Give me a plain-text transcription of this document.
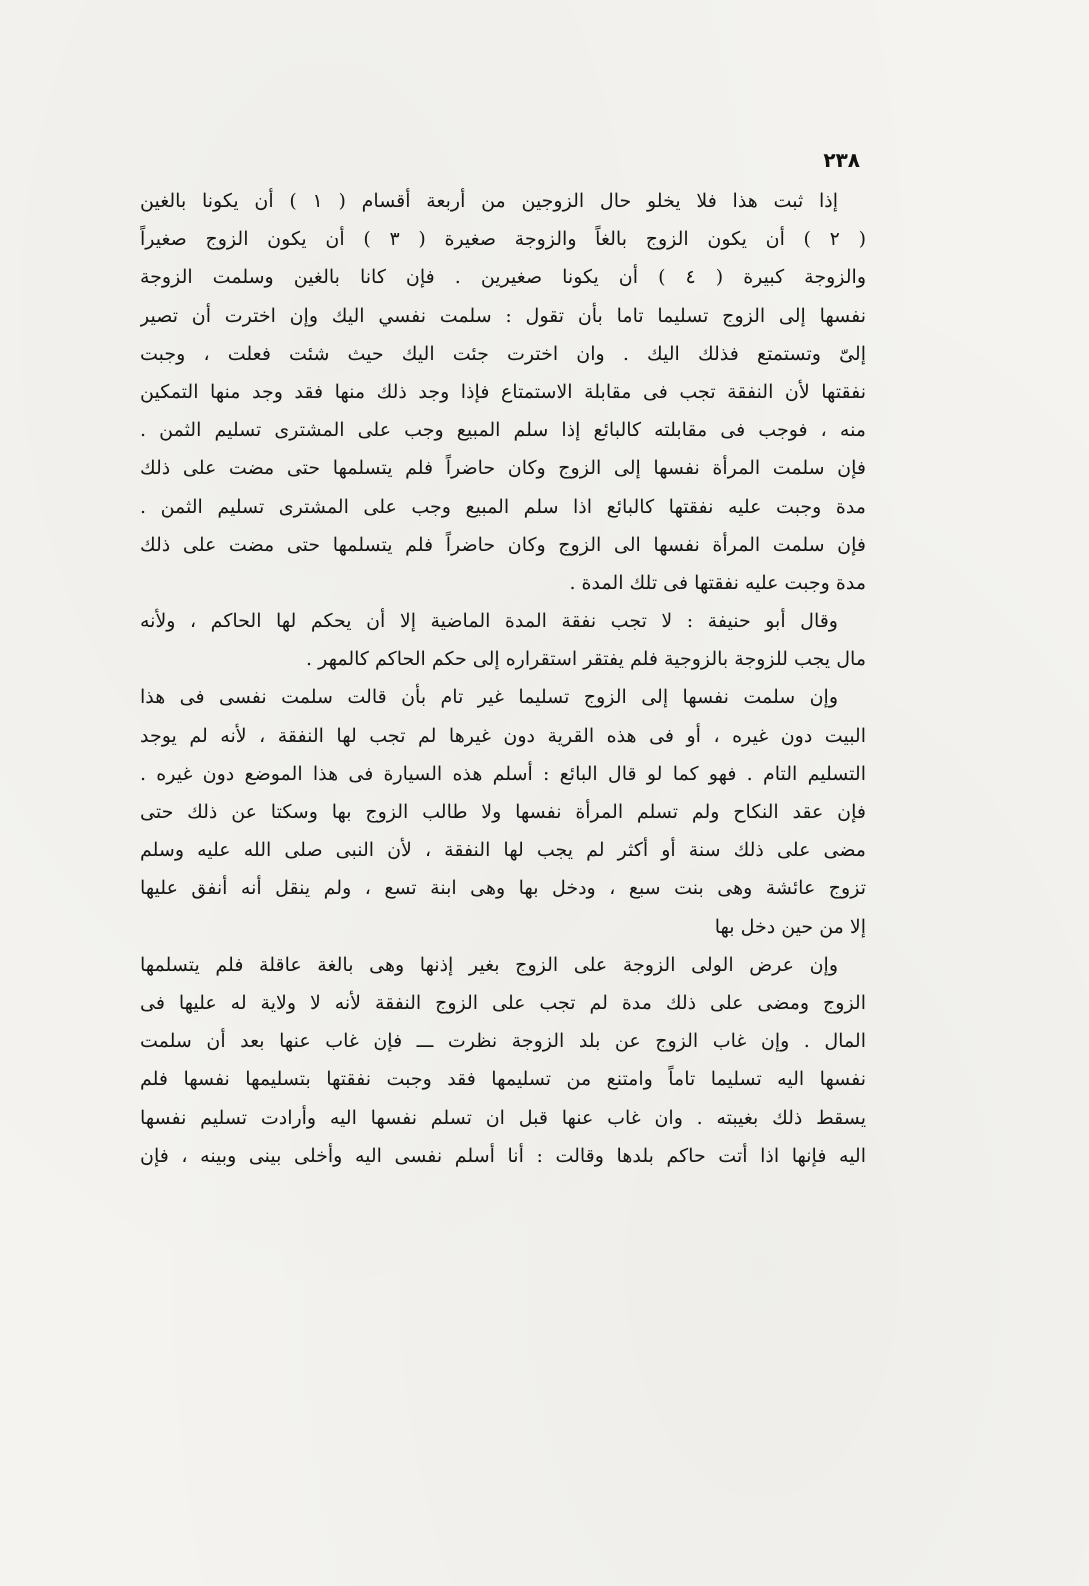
٢٣٨
إذا ثبت هذا فلا يخلو حال الزوجين من أربعة أقسام ( ١ ) أن يكونا بالغين
( ٢ ) أن يكون الزوج بالغاً والزوجة صغيرة ( ٣ ) أن يكون الزوج صغيراً
والزوجة كبيرة ( ٤ ) أن يكونا صغيرين . فإن كانا بالغين وسلمت الزوجة
نفسها إلى الزوج تسليما تاما بأن تقول : سلمت نفسي اليك وإن اخترت أن تصير
إلىّ وتستمتع فذلك اليك . وان اخترت جئت اليك حيث شئت فعلت ، وجبت
نفقتها لأن النفقة تجب فى مقابلة الاستمتاع فإذا وجد ذلك منها فقد وجد منها التمكين
منه ، فوجب فى مقابلته كالبائع إذا سلم المبيع وجب على المشترى تسليم الثمن .
فإن سلمت المرأة نفسها إلى الزوج وكان حاضراً فلم يتسلمها حتى مضت على ذلك
مدة وجبت عليه نفقتها كالبائع اذا سلم المبيع وجب على المشترى تسليم الثمن .
فإن سلمت المرأة نفسها الى الزوج وكان حاضراً فلم يتسلمها حتى مضت على ذلك
مدة وجبت عليه نفقتها فى تلك المدة .
وقال أبو حنيفة : لا تجب نفقة المدة الماضية إلا أن يحكم لها الحاكم ، ولأنه
مال يجب للزوجة بالزوجية فلم يفتقر استقراره إلى حكم الحاكم كالمهر .
وإن سلمت نفسها إلى الزوج تسليما غير تام بأن قالت سلمت نفسى فى هذا
البيت دون غيره ، أو فى هذه القرية دون غيرها لم تجب لها النفقة ، لأنه لم يوجد
التسليم التام . فهو كما لو قال البائع : أسلم هذه السيارة فى هذا الموضع دون غيره .
فإن عقد النكاح ولم تسلم المرأة نفسها ولا طالب الزوج بها وسكتا عن ذلك حتى
مضى على ذلك سنة أو أكثر لم يجب لها النفقة ، لأن النبى صلى الله عليه وسلم
تزوج عائشة وهى بنت سبع ، ودخل بها وهى ابنة تسع ، ولم ينقل أنه أنفق عليها
إلا من حين دخل بها
وإن عرض الولى الزوجة على الزوج بغير إذنها وهى بالغة عاقلة فلم يتسلمها
الزوج ومضى على ذلك مدة لم تجب على الزوج النفقة لأنه لا ولاية له عليها فى
المال . وإن غاب الزوج عن بلد الزوجة نظرت ـــ فإن غاب عنها بعد أن سلمت
نفسها اليه تسليما تاماً وامتنع من تسليمها فقد وجبت نفقتها بتسليمها نفسها فلم
يسقط ذلك بغيبته . وان غاب عنها قبل ان تسلم نفسها اليه وأرادت تسليم نفسها
اليه فإنها اذا أتت حاكم بلدها وقالت : أنا أسلم نفسى اليه وأخلى بينى وبينه ، فإن
